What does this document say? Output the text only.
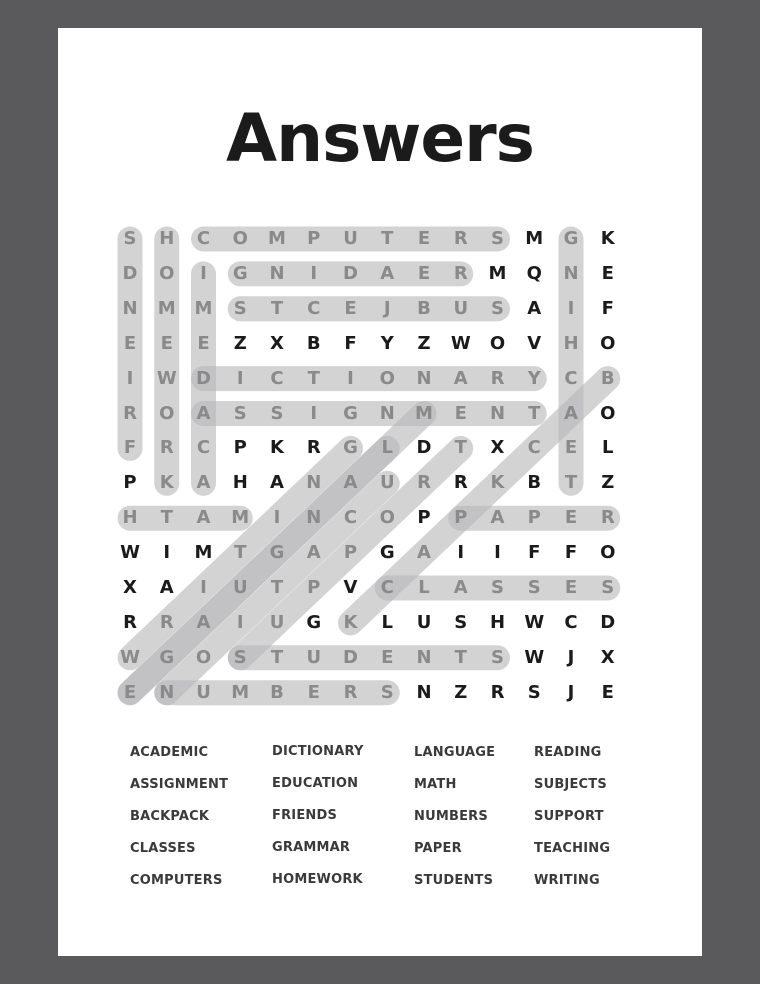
Answers
S	H	C	O	M	P	U	T	E	R	S	M	G	K
D	O	I	G	N	I	D	A	E	R	M	Q	N	E
N	M	M	S	T	C	E	J	B	U	S	A	I	F
E	E	E	Z	X	B	F	Y	Z	W	O	V	H	O
I	W	D	I	C	T	I	O	N	A	R	Y	C	B
R	O	A	S	S	I	G	N	M	E	N	T	A	O
F	R	C	P	K	R	G	L	D	T	X	C	E	L
P	K	A	H	A	N	A	U	R	R	K	B	T	Z
H	T	A	M	I	N	C	O	P	P	A	P	E	R
W	I	M	T	G	A	P	G	A	I	I	F	F	O
X	A	I	U	T	P	V	C	L	A	S	S	E	S
R	R	A	I	U	G	K	L	U	S	H	W	C	D
W	G	O	S	T	U	D	E	N	T	S	W	J	X
E	N	U	M	B	E	R	S	N	Z	R	S	J	E
ACADEMIC
ASSIGNMENT
BACKPACK
CLASSES
COMPUTERS
DICTIONARY
EDUCATION
FRIENDS
GRAMMAR
HOMEWORK
LANGUAGE
MATH
NUMBERS
PAPER
STUDENTS
READING
SUBJECTS
SUPPORT
TEACHING
WRITING
